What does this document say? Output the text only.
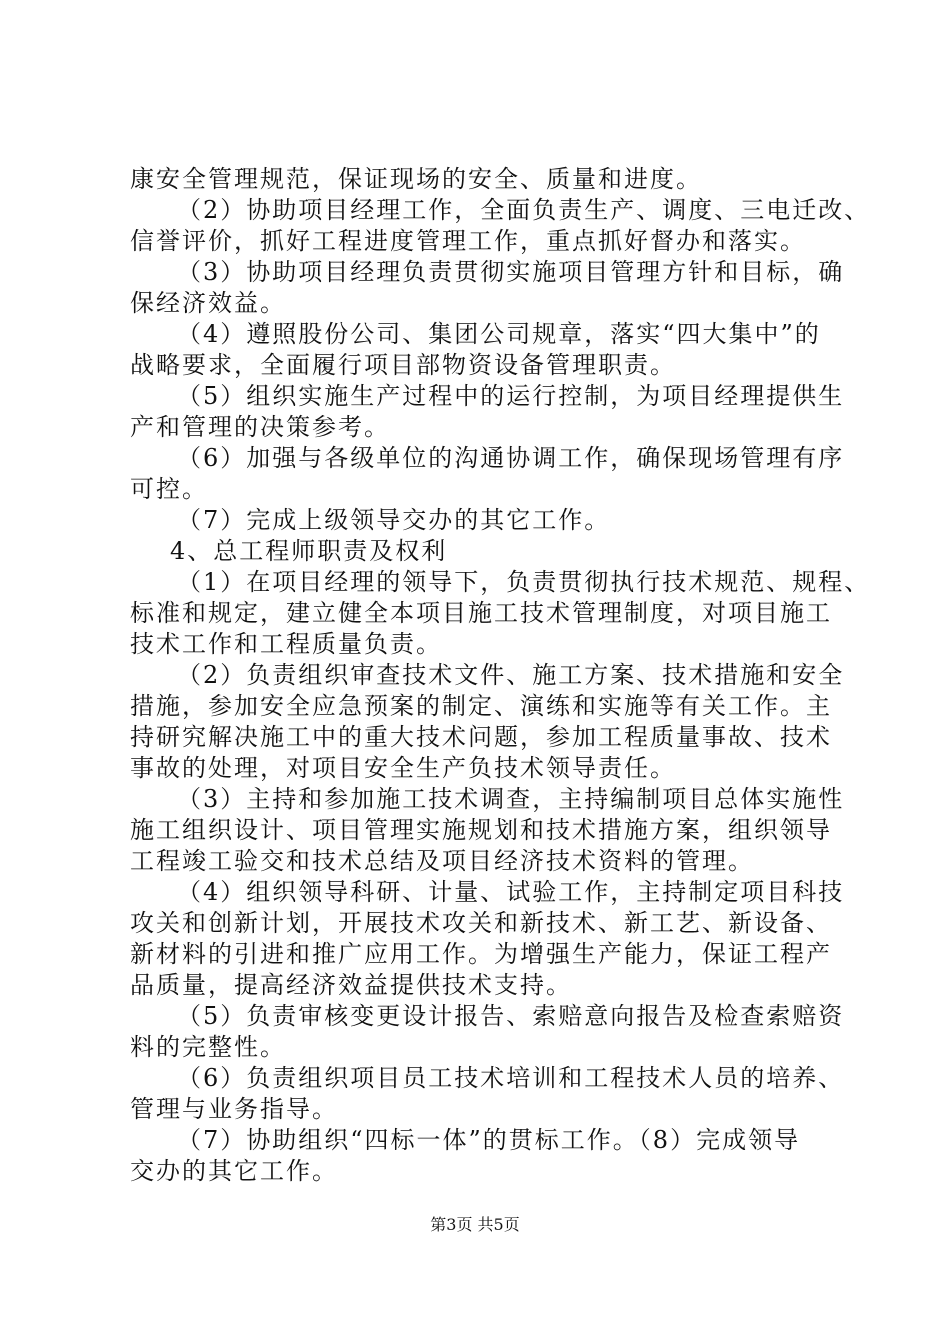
康安全管理规范，保证现场的安全、质量和进度。
（2）协助项目经理工作，全面负责生产、调度、三电迁改、
信誉评价，抓好工程进度管理工作，重点抓好督办和落实。
（3）协助项目经理负责贯彻实施项目管理方针和目标，确
保经济效益。
（4）遵照股份公司、集团公司规章，落实“四大集中”的
战略要求，全面履行项目部物资设备管理职责。
（5）组织实施生产过程中的运行控制，为项目经理提供生
产和管理的决策参考。
（6）加强与各级单位的沟通协调工作，确保现场管理有序
可控。
（7）完成上级领导交办的其它工作。
4、总工程师职责及权利
（1）在项目经理的领导下，负责贯彻执行技术规范、规程、
标准和规定，建立健全本项目施工技术管理制度，对项目施工
技术工作和工程质量负责。
（2）负责组织审查技术文件、施工方案、技术措施和安全
措施，参加安全应急预案的制定、演练和实施等有关工作。主
持研究解决施工中的重大技术问题，参加工程质量事故、技术
事故的处理，对项目安全生产负技术领导责任。
（3）主持和参加施工技术调查，主持编制项目总体实施性
施工组织设计、项目管理实施规划和技术措施方案，组织领导
工程竣工验交和技术总结及项目经济技术资料的管理。
（4）组织领导科研、计量、试验工作，主持制定项目科技
攻关和创新计划，开展技术攻关和新技术、新工艺、新设备、
新材料的引进和推广应用工作。为增强生产能力，保证工程产
品质量，提高经济效益提供技术支持。
（5）负责审核变更设计报告、索赔意向报告及检查索赔资
料的完整性。
（6）负责组织项目员工技术培训和工程技术人员的培养、
管理与业务指导。
（7）协助组织“四标一体”的贯标工作。（8）完成领导
交办的其它工作。
第3页 共5页
